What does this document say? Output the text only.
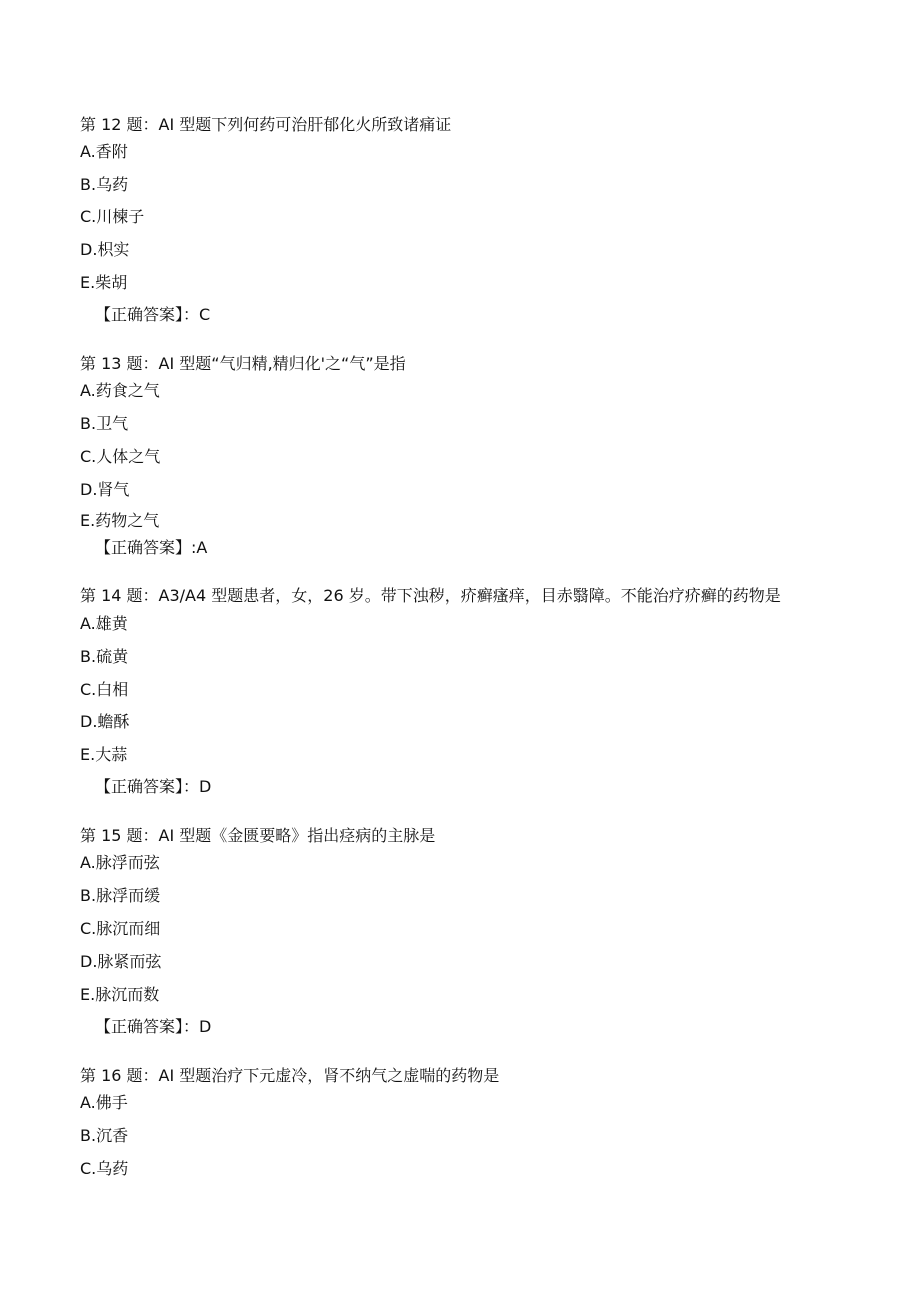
第 12 题：AI 型题下列何药可治肝郁化火所致诸痛证
A.香附
B.乌药
C.川楝子
D.枳实
E.柴胡
【正确答案】：C
第 13 题：AI 型题“气归精,精归化'之“气”是指
A.药食之气
B.卫气
C.人体之气
D.肾气
E.药物之气
【正确答案】:A
第 14 题：A3/A4 型题患者，女，26 岁。带下浊秽，疥癣瘙痒，目赤翳障。不能治疗疥癣的药物是
A.雄黄
B.硫黄
C.白相
D.蟾酥
E.大蒜
【正确答案】：D
第 15 题：AI 型题《金匮要略》指出痉病的主脉是
A.脉浮而弦
B.脉浮而缓
C.脉沉而细
D.脉紧而弦
E.脉沉而数
【正确答案】：D
第 16 题：AI 型题治疗下元虚冷，肾不纳气之虚喘的药物是
A.佛手
B.沉香
C.乌药
